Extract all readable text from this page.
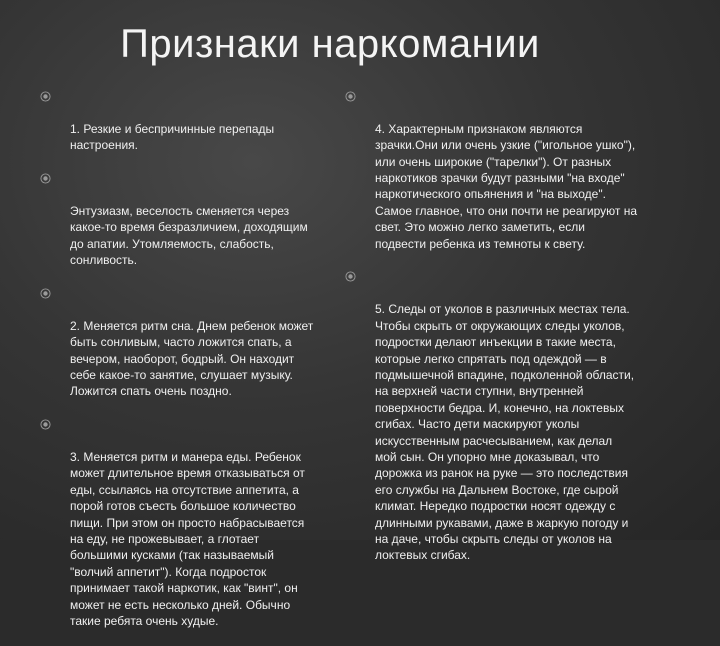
Признаки наркомании

1. Резкие и беспричинные перепады настроения.

Энтузиазм, веселость сменяется через какое-то время безразличием, доходящим до апатии. Утомляемость, слабость, сонливость.

2. Меняется ритм сна. Днем ребенок может быть сонливым, часто ложится спать, а вечером, наоборот, бодрый. Он находит себе какое-то занятие, слушает музыку. Ложится спать очень поздно.

3. Меняется ритм и манера еды. Ребенок может длительное время отказываться от еды, ссылаясь на отсутствие аппетита, а порой готов съесть большое количество пищи. При этом он просто набрасывается на еду, не прожевывает, а глотает большими кусками (так называемый "волчий аппетит"). Когда подросток принимает такой наркотик, как "винт", он может не есть несколько дней. Обычно такие ребята очень худые.

4. Характерным признаком являются зрачки.Они или очень узкие ("игольное ушко"), или очень широкие ("тарелки"). От разных наркотиков зрачки будут разными "на входе" наркотического опьянения и "на выходе". Самое главное, что они почти не реагируют на свет. Это можно легко заметить, если подвести ребенка из темноты к свету.

5. Следы от уколов в различных местах тела. Чтобы скрыть от окружающих следы уколов, подростки делают инъекции в такие места, которые легко спрятать под одеждой — в подмышечной впадине, подколенной области, на верхней части ступни, внутренней поверхности бедра. И, конечно, на локтевых сгибах. Часто дети маскируют уколы искусственным расчесыванием, как делал мой сын. Он упорно мне доказывал, что дорожка из ранок на руке — это последствия его службы на Дальнем Востоке, где сырой климат. Нередко подростки носят одежду с длинными рукавами, даже в жаркую погоду и на даче, чтобы скрыть следы от уколов на локтевых сгибах.
